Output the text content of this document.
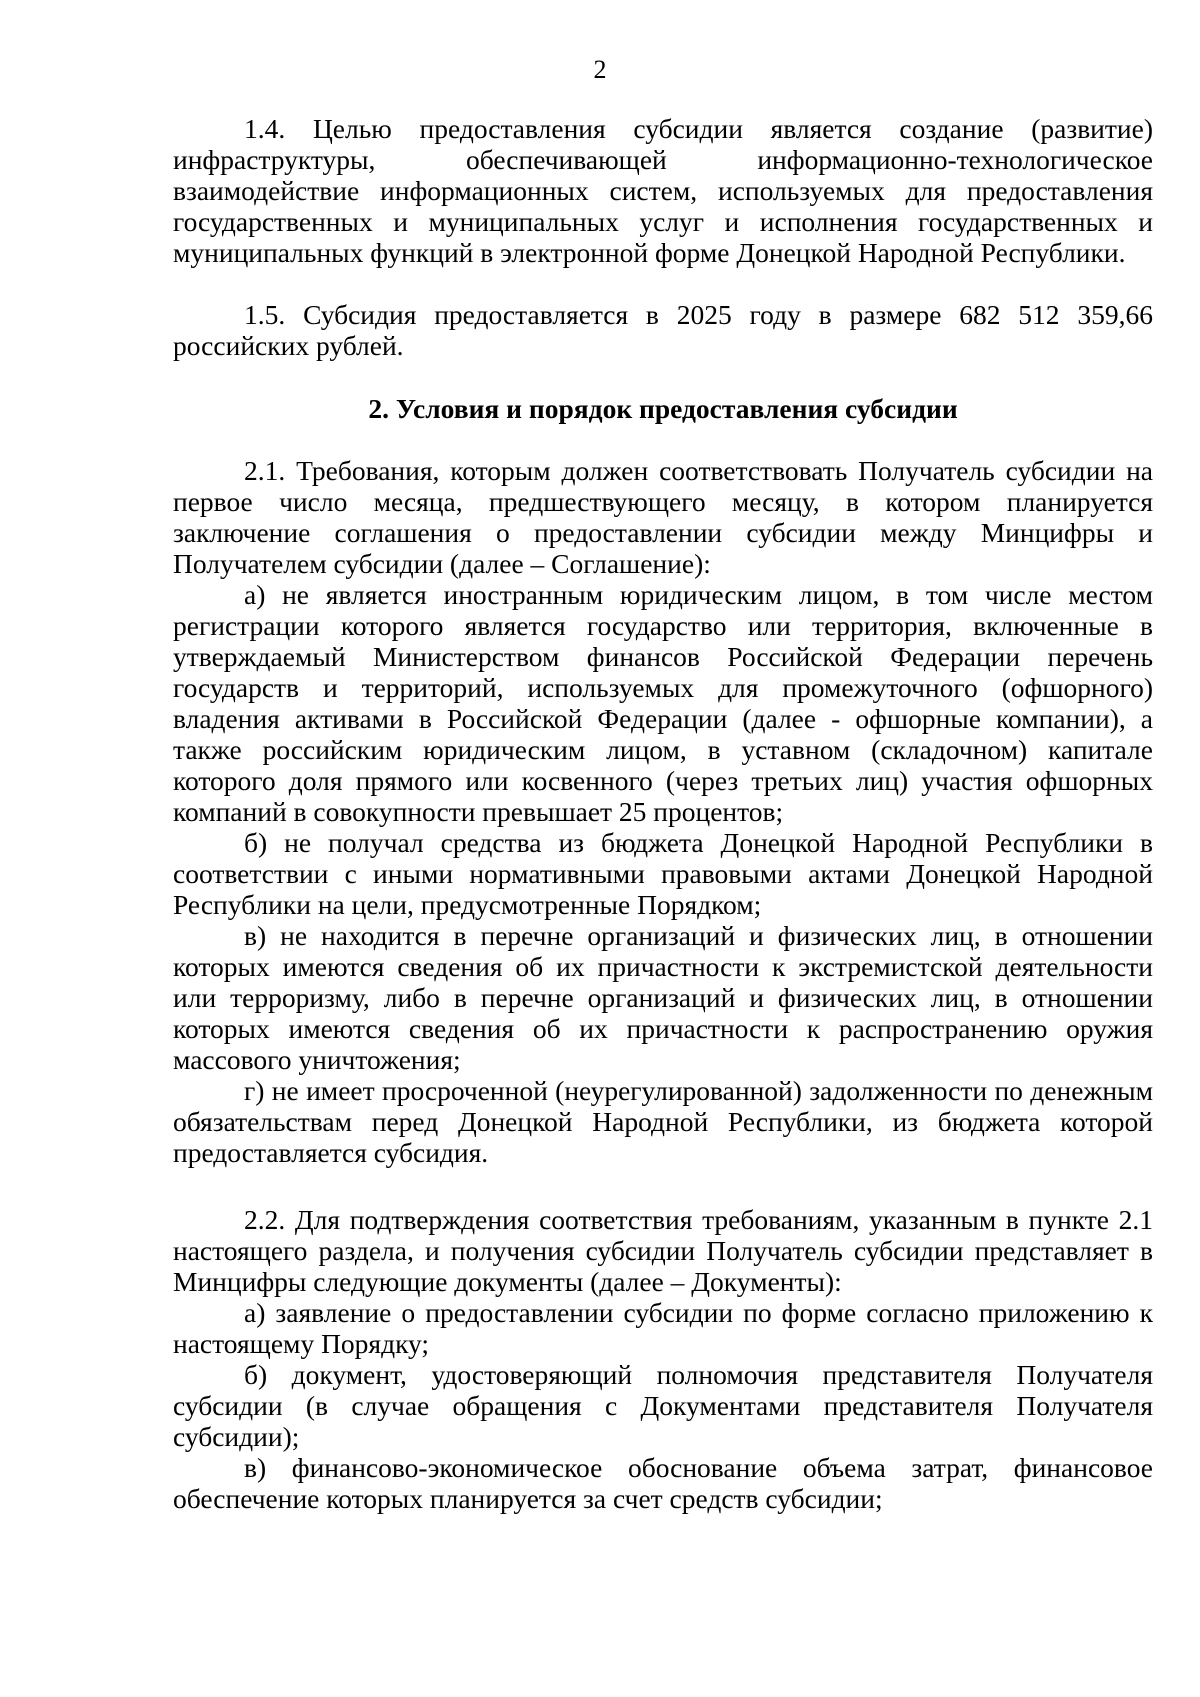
2

1.4. Целью предоставления субсидии является создание (развитие) инфраструктуры, обеспечивающей информационно-технологическое взаимодействие информационных систем, используемых для предоставления государственных и муниципальных услуг и исполнения государственных и муниципальных функций в электронной форме Донецкой Народной Республики.

1.5. Субсидия предоставляется в 2025 году в размере 682 512 359,66 российских рублей.

2. Условия и порядок предоставления субсидии

2.1. Требования, которым должен соответствовать Получатель субсидии на первое число месяца, предшествующего месяцу, в котором планируется заключение соглашения о предоставлении субсидии между Минцифры и Получателем субсидии (далее – Соглашение):

а) не является иностранным юридическим лицом, в том числе местом регистрации которого является государство или территория, включенные в утверждаемый Министерством финансов Российской Федерации перечень государств и территорий, используемых для промежуточного (офшорного) владения активами в Российской Федерации (далее - офшорные компании), а также российским юридическим лицом, в уставном (складочном) капитале которого доля прямого или косвенного (через третьих лиц) участия офшорных компаний в совокупности превышает 25 процентов;

б) не получал средства из бюджета Донецкой Народной Республики в соответствии с иными нормативными правовыми актами Донецкой Народной Республики на цели, предусмотренные Порядком;

в) не находится в перечне организаций и физических лиц, в отношении которых имеются сведения об их причастности к экстремистской деятельности или терроризму, либо в перечне организаций и физических лиц, в отношении которых имеются сведения об их причастности к распространению оружия массового уничтожения;

г) не имеет просроченной (неурегулированной) задолженности по денежным обязательствам перед Донецкой Народной Республики, из бюджета которой предоставляется субсидия.

2.2. Для подтверждения соответствия требованиям, указанным в пункте 2.1 настоящего раздела, и получения субсидии Получатель субсидии представляет в Минцифры следующие документы (далее – Документы):

а) заявление о предоставлении субсидии по форме согласно приложению к настоящему Порядку;

б) документ, удостоверяющий полномочия представителя Получателя субсидии (в случае обращения с Документами представителя Получателя субсидии);

в) финансово-экономическое обоснование объема затрат, финансовое обеспечение которых планируется за счет средств субсидии;
